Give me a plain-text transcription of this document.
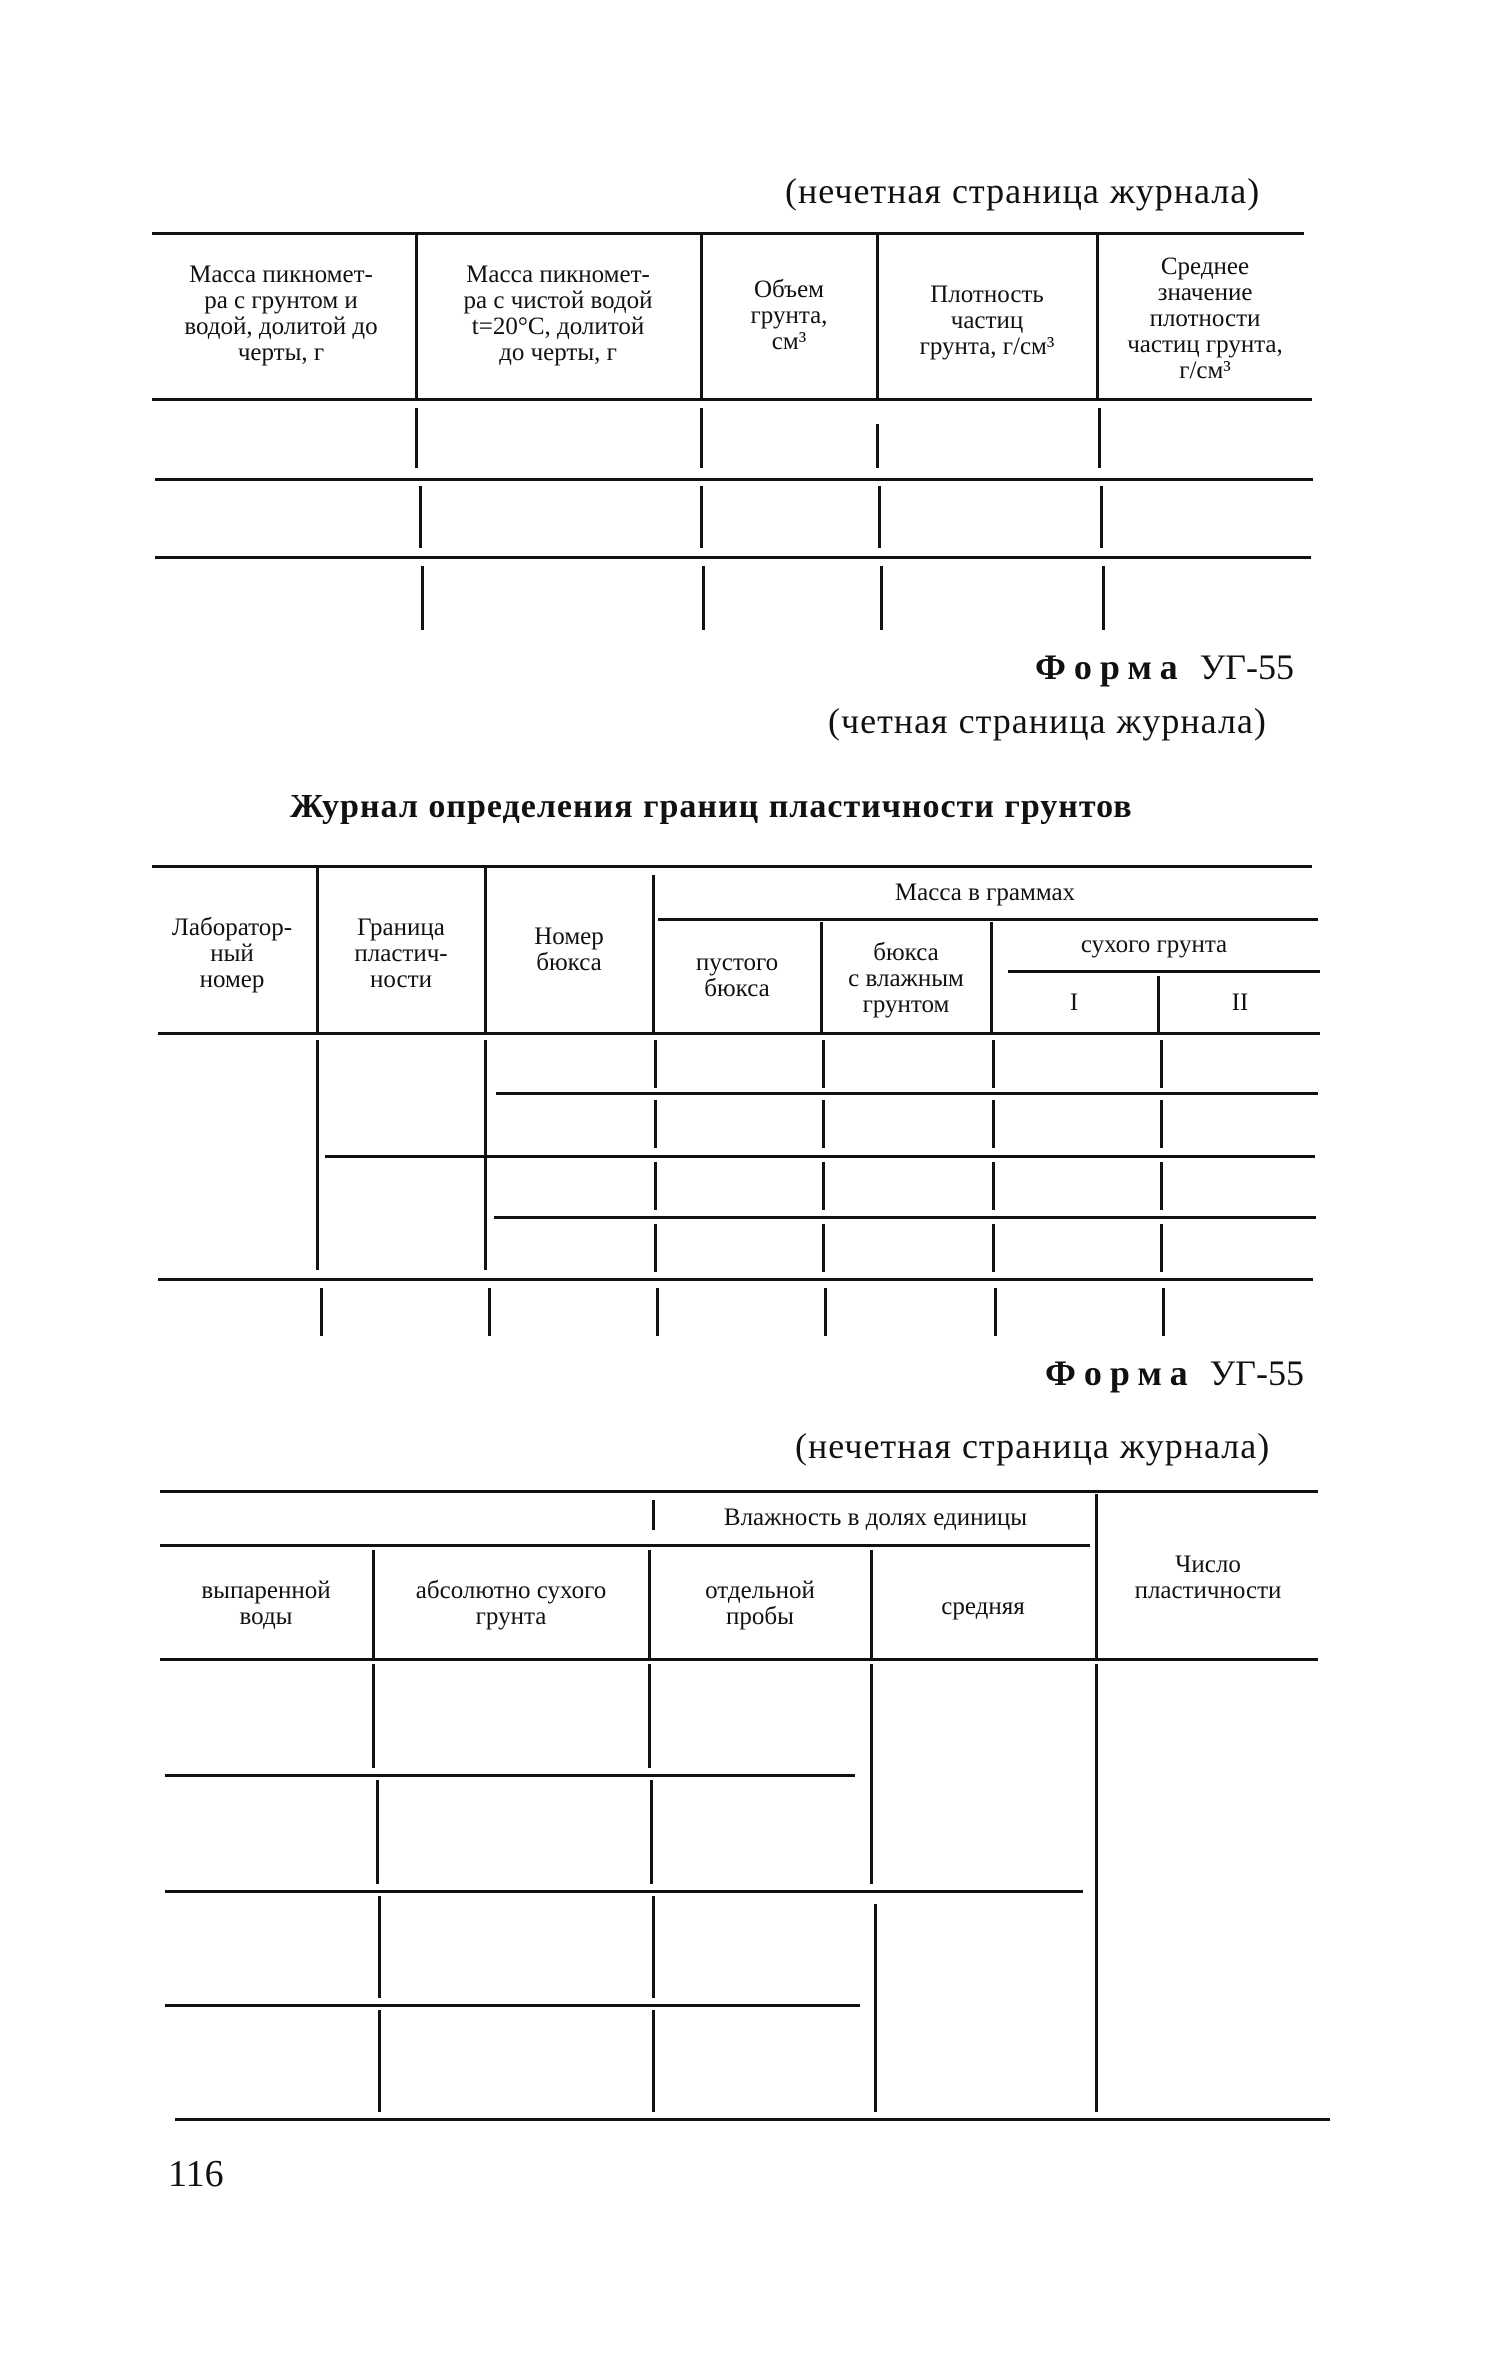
(нечетная страница журнала)
Масса пикномет-
ра с грунтом и
водой, долитой до
черты, г
Масса пикномет-
ра с чистой водой
t=20°С, долитой
до черты, г
Объем
грунта,
см³
Плотность
частиц
грунта, г/см³
Среднее
значение
плотности
частиц грунта,
г/см³
Форма УГ-55
(четная страница журнала)
Журнал определения границ пластичности грунтов
Лаборатор-
ный
номер
Граница
пластич-
ности
Номер
бюкса
Масса в граммах
пустого
бюкса
бюкса
с влажным
грунтом
сухого грунта
I	II
Форма УГ-55
(нечетная страница журнала)
Влажность в долях единицы
выпаренной
воды
абсолютно сухого
грунта
отдельной
пробы	средняя
Число
пластичности
116
